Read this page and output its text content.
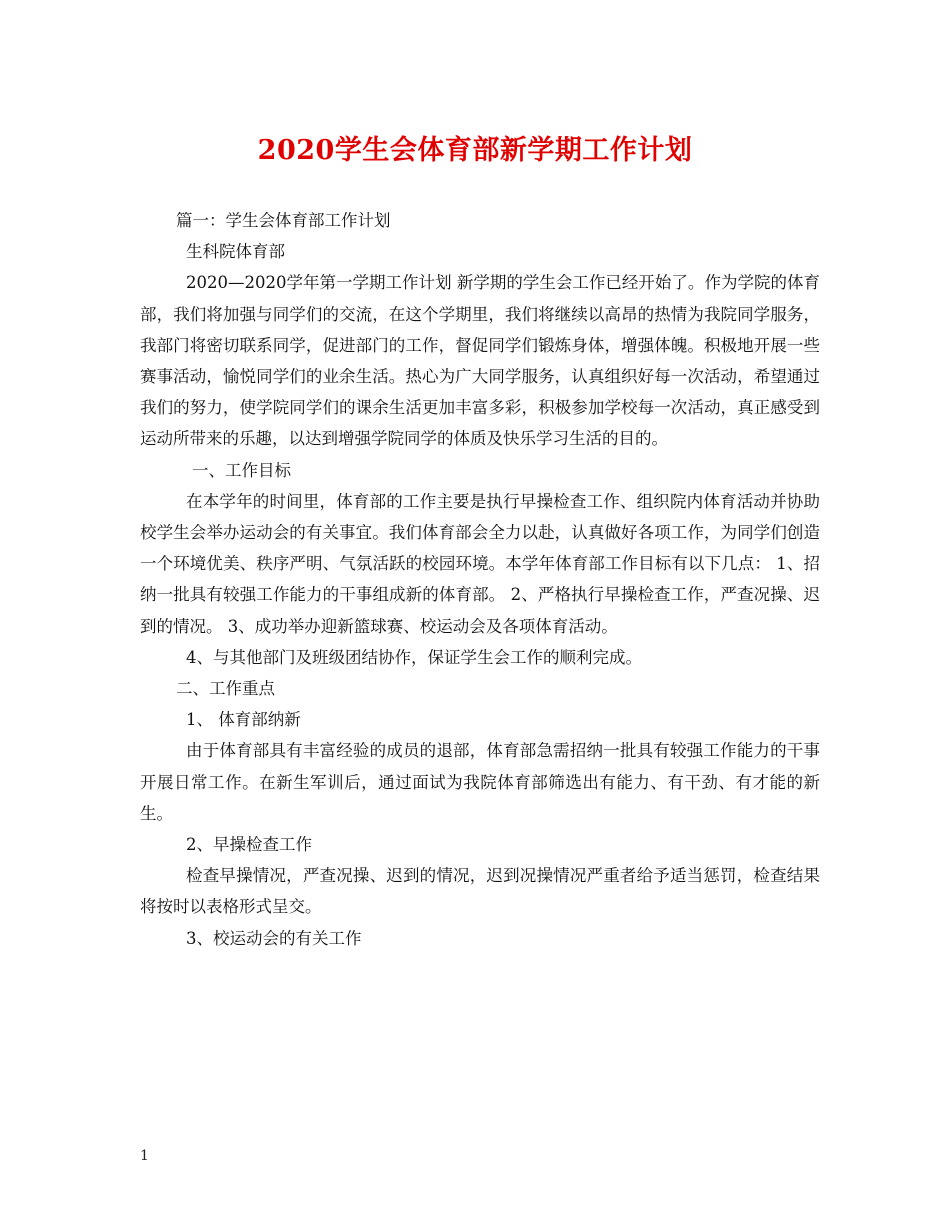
2020学生会体育部新学期工作计划

篇一：学生会体育部工作计划

生科院体育部

2020—2020学年第一学期工作计划 新学期的学生会工作已经开始了。作为学院的体育部，我们将加强与同学们的交流，在这个学期里，我们将继续以高昂的热情为我院同学服务，我部门将密切联系同学，促进部门的工作，督促同学们锻炼身体，增强体魄。积极地开展一些赛事活动，愉悦同学们的业余生活。热心为广大同学服务，认真组织好每一次活动，希望通过我们的努力，使学院同学们的课余生活更加丰富多彩，积极参加学校每一次活动，真正感受到运动所带来的乐趣，以达到增强学院同学的体质及快乐学习生活的目的。

一、工作目标

在本学年的时间里，体育部的工作主要是执行早操检查工作、组织院内体育活动并协助校学生会举办运动会的有关事宜。我们体育部会全力以赴，认真做好各项工作，为同学们创造一个环境优美、秩序严明、气氛活跃的校园环境。本学年体育部工作目标有以下几点： 1、招纳一批具有较强工作能力的干事组成新的体育部。 2、严格执行早操检查工作，严查况操、迟到的情况。 3、成功举办迎新篮球赛、校运动会及各项体育活动。

4、与其他部门及班级团结协作，保证学生会工作的顺利完成。

二、工作重点

1、 体育部纳新

由于体育部具有丰富经验的成员的退部，体育部急需招纳一批具有较强工作能力的干事开展日常工作。在新生军训后，通过面试为我院体育部筛选出有能力、有干劲、有才能的新生。

2、早操检查工作

检查早操情况，严查况操、迟到的情况，迟到况操情况严重者给予适当惩罚，检查结果将按时以表格形式呈交。

3、校运动会的有关工作

1
